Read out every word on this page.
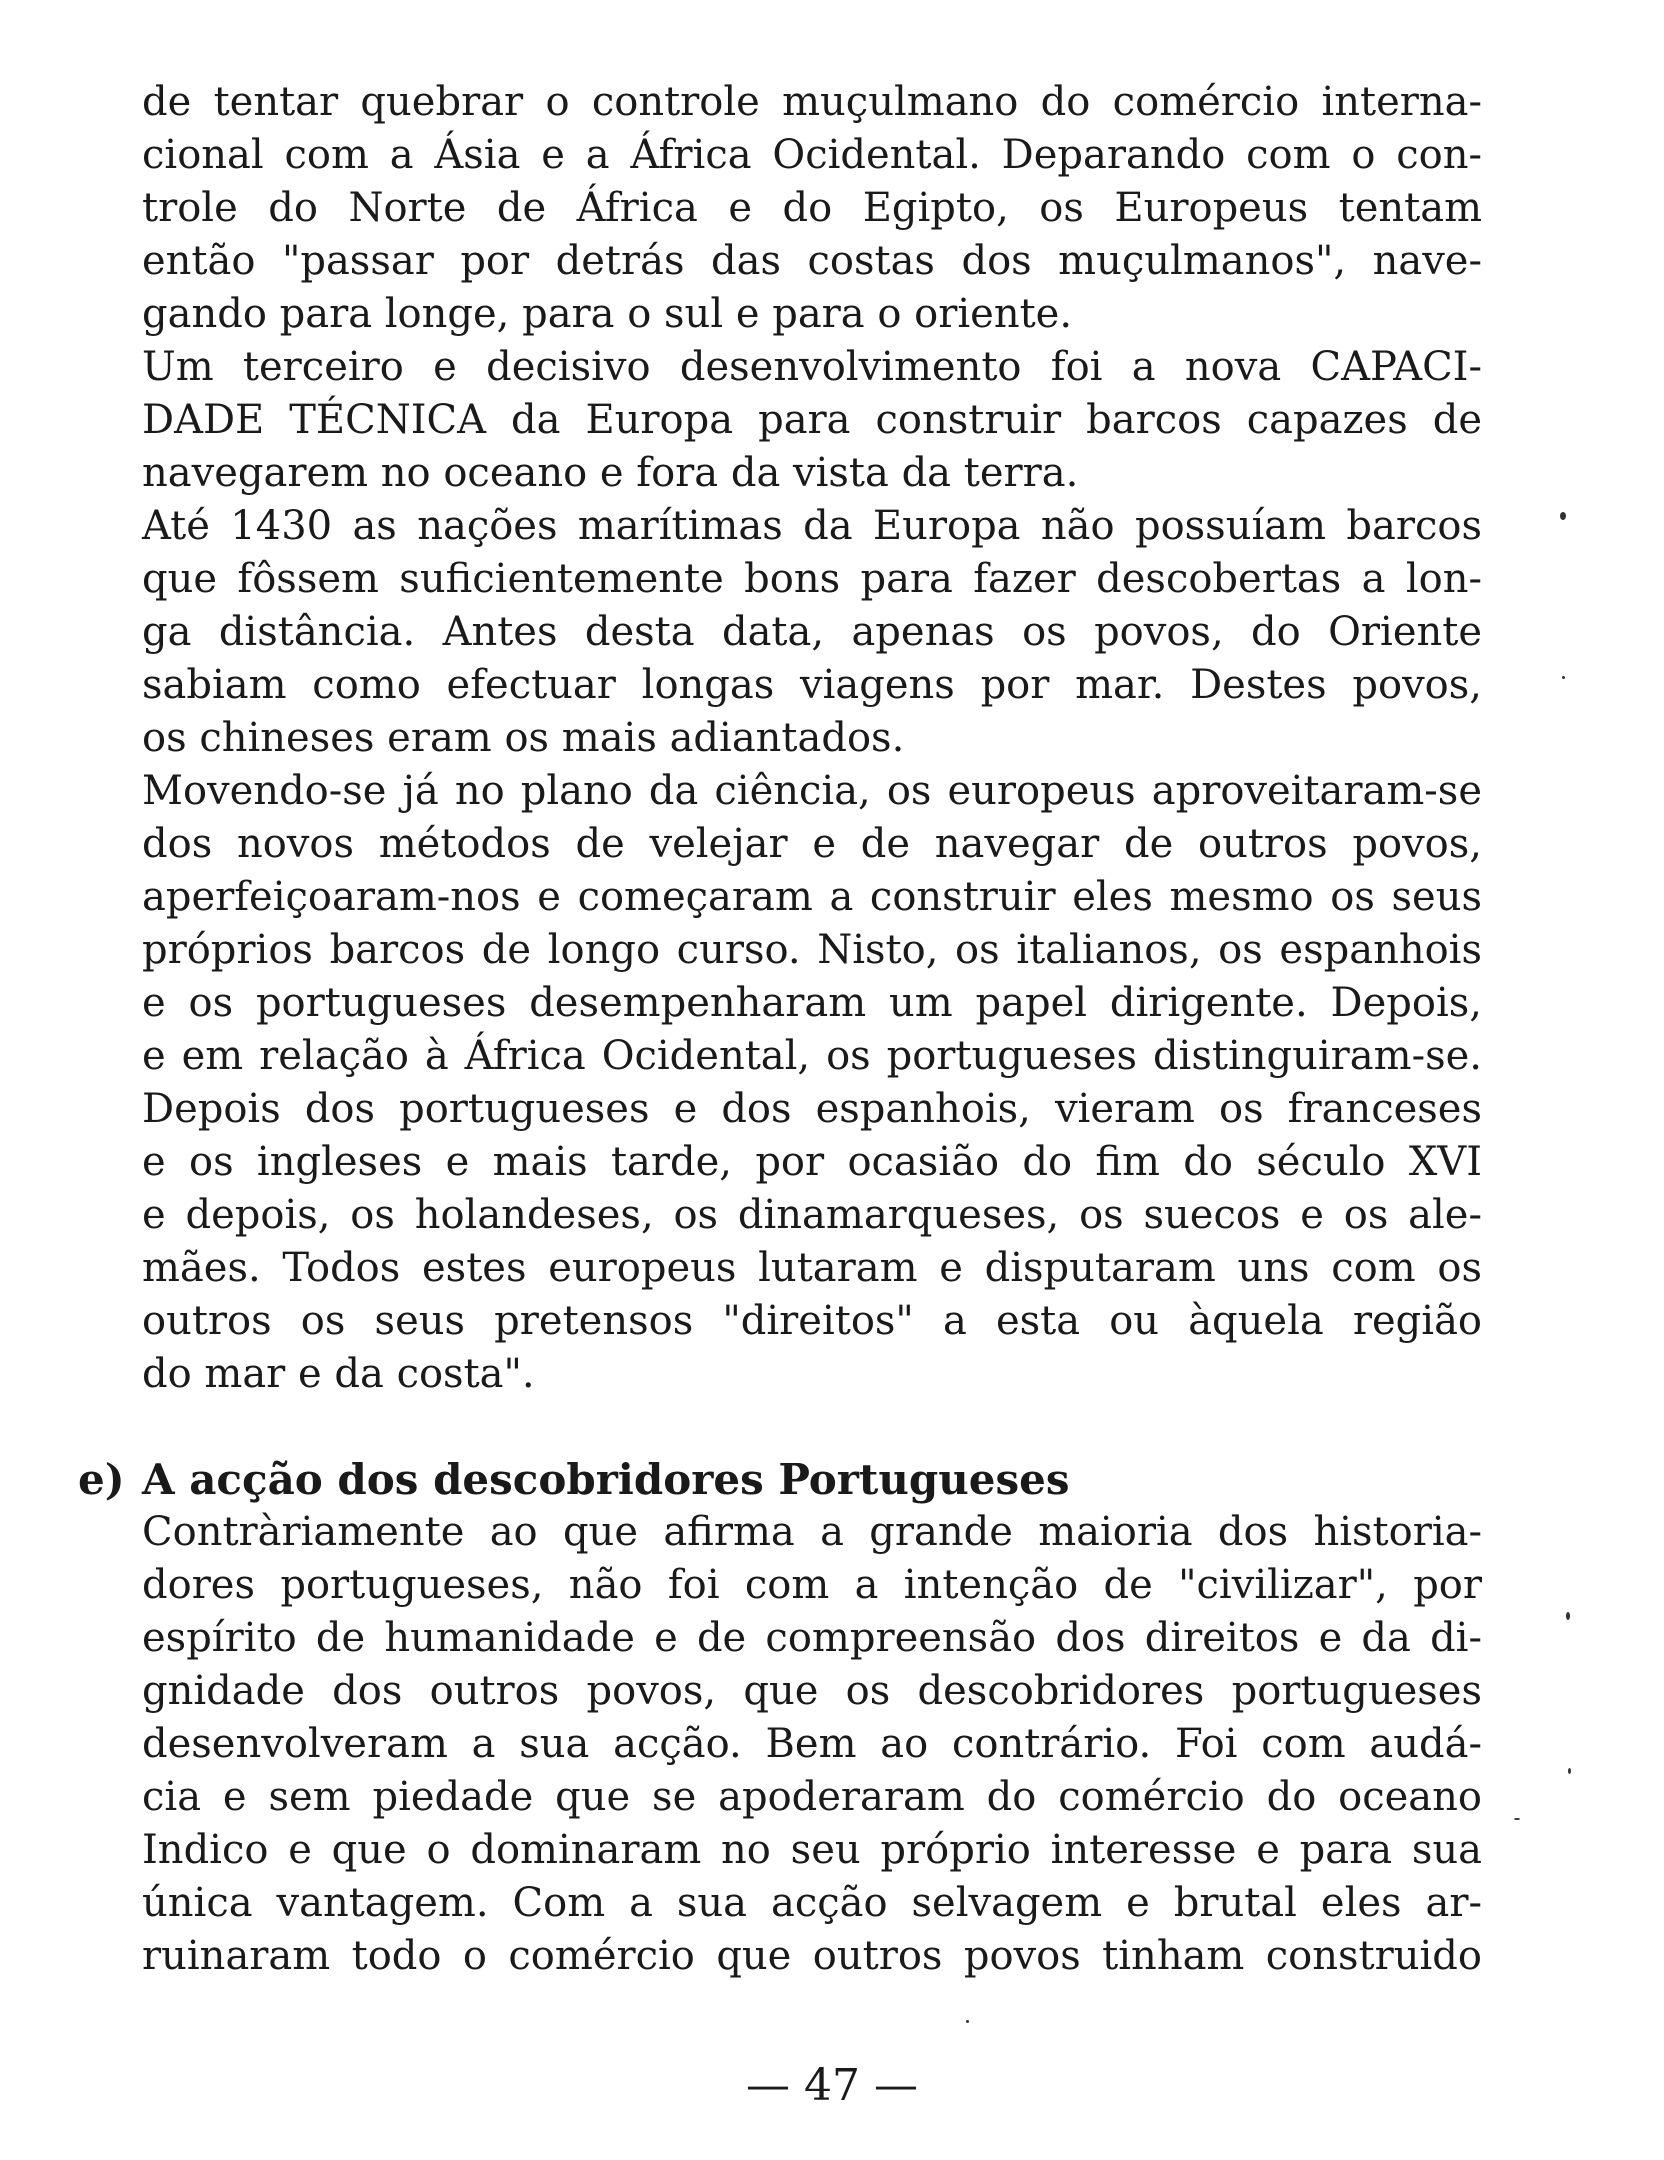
de tentar quebrar o controle muçulmano do comércio interna-
cional com a Ásia e a África Ocidental. Deparando com o con-
trole do Norte de África e do Egipto, os Europeus tentam
então "passar por detrás das costas dos muçulmanos", nave-
gando para longe, para o sul e para o oriente.
Um terceiro e decisivo desenvolvimento foi a nova CAPACI-
DADE TÉCNICA da Europa para construir barcos capazes de
navegarem no oceano e fora da vista da terra.
Até 1430 as nações marítimas da Europa não possuíam barcos
que fôssem suficientemente bons para fazer descobertas a lon-
ga distância. Antes desta data, apenas os povos, do Oriente
sabiam como efectuar longas viagens por mar. Destes povos,
os chineses eram os mais adiantados.
Movendo-se já no plano da ciência, os europeus aproveitaram-se
dos novos métodos de velejar e de navegar de outros povos,
aperfeiçoaram-nos e começaram a construir eles mesmo os seus
próprios barcos de longo curso. Nisto, os italianos, os espanhois
e os portugueses desempenharam um papel dirigente. Depois,
e em relação à África Ocidental, os portugueses distinguiram-se.
Depois dos portugueses e dos espanhois, vieram os franceses
e os ingleses e mais tarde, por ocasião do fim do século XVI
e depois, os holandeses, os dinamarqueses, os suecos e os ale-
mães. Todos estes europeus lutaram e disputaram uns com os
outros os seus pretensos "direitos" a esta ou àquela região
do mar e da costa".
e) A acção dos descobridores Portugueses
Contràriamente ao que afirma a grande maioria dos historia-
dores portugueses, não foi com a intenção de "civilizar", por
espírito de humanidade e de compreensão dos direitos e da di-
gnidade dos outros povos, que os descobridores portugueses
desenvolveram a sua acção. Bem ao contrário. Foi com audá-
cia e sem piedade que se apoderaram do comércio do oceano
Indico e que o dominaram no seu próprio interesse e para sua
única vantagem. Com a sua acção selvagem e brutal eles ar-
ruinaram todo o comércio que outros povos tinham construido
— 47 —
